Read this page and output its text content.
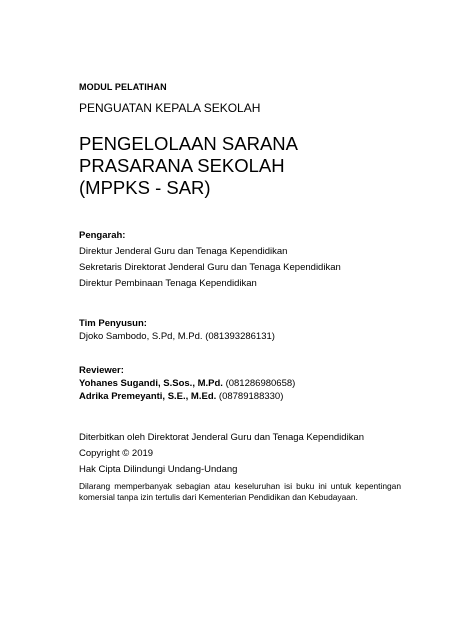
MODUL PELATIHAN
PENGUATAN KEPALA SEKOLAH
PENGELOLAAN SARANA
PRASARANA SEKOLAH
(MPPKS - SAR)
Pengarah:
Direktur Jenderal Guru dan Tenaga Kependidikan
Sekretaris Direktorat Jenderal Guru dan Tenaga Kependidikan
Direktur Pembinaan Tenaga Kependidikan
Tim Penyusun:
Djoko Sambodo, S.Pd, M.Pd. (081393286131)
Reviewer:
Yohanes Sugandi, S.Sos., M.Pd. (081286980658)
Adrika Premeyanti, S.E., M.Ed. (08789188330)
Diterbitkan oleh Direktorat Jenderal Guru dan Tenaga Kependidikan
Copyright © 2019
Hak Cipta Dilindungi Undang-Undang
Dilarang memperbanyak sebagian atau keseluruhan isi buku ini untuk kepentingan
komersial tanpa izin tertulis dari Kementerian Pendidikan dan Kebudayaan.
